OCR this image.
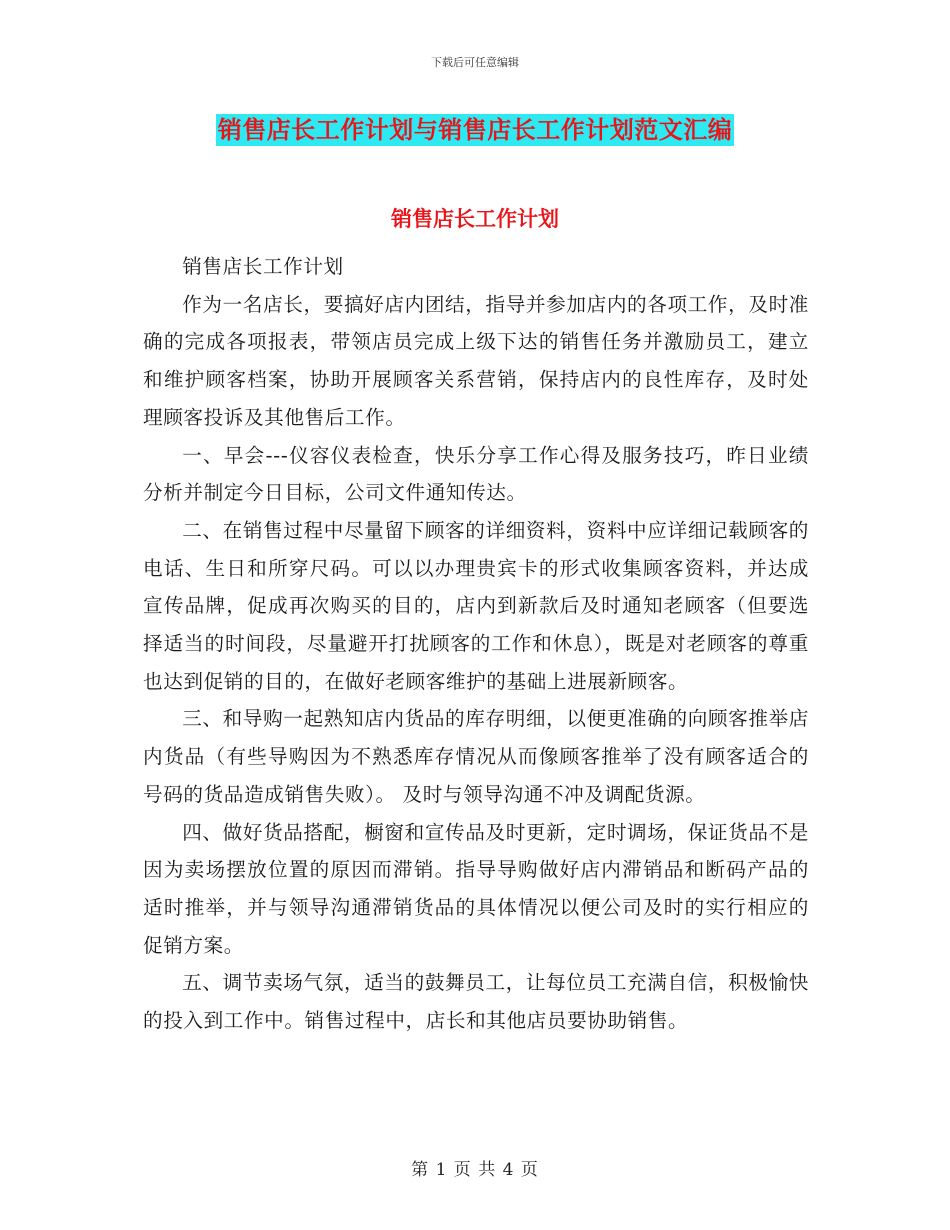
下载后可任意编辑
销售店长工作计划与销售店长工作计划范文汇编
销售店长工作计划

销售店长工作计划

作为一名店长，要搞好店内团结，指导并参加店内的各项工作，及时准确的完成各项报表，带领店员完成上级下达的销售任务并激励员工，建立和维护顾客档案，协助开展顾客关系营销，保持店内的良性库存，及时处理顾客投诉及其他售后工作。

一、早会---仪容仪表检查，快乐分享工作心得及服务技巧，昨日业绩分析并制定今日目标，公司文件通知传达。

二、在销售过程中尽量留下顾客的详细资料，资料中应详细记载顾客的电话、生日和所穿尺码。可以以办理贵宾卡的形式收集顾客资料，并达成宣传品牌，促成再次购买的目的，店内到新款后及时通知老顾客（但要选择适当的时间段，尽量避开打扰顾客的工作和休息），既是对老顾客的尊重也达到促销的目的，在做好老顾客维护的基础上进展新顾客。

三、和导购一起熟知店内货品的库存明细，以便更准确的向顾客推举店内货品（有些导购因为不熟悉库存情况从而像顾客推举了没有顾客适合的号码的货品造成销售失败）。 及时与领导沟通不冲及调配货源。

四、做好货品搭配，橱窗和宣传品及时更新，定时调场，保证货品不是因为卖场摆放位置的原因而滞销。指导导购做好店内滞销品和断码产品的适时推举，并与领导沟通滞销货品的具体情况以便公司及时的实行相应的促销方案。

五、调节卖场气氛，适当的鼓舞员工，让每位员工充满自信，积极愉快的投入到工作中。销售过程中，店长和其他店员要协助销售。

第 1 页 共 4 页
